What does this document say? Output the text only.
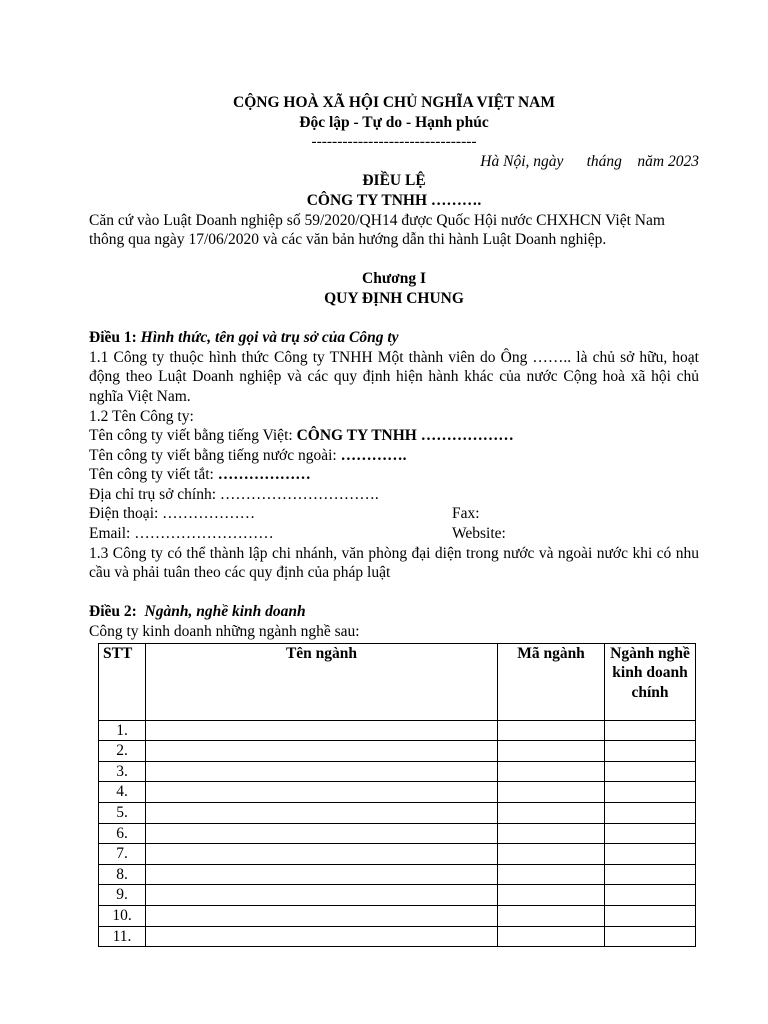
CỘNG HOÀ XÃ HỘI CHỦ NGHĨA VIỆT NAM
Độc lập - Tự do - Hạnh phúc
--------------------------------
Hà Nội, ngày      tháng    năm 2023
ĐIỀU LỆ
CÔNG TY TNHH ……….
Căn cứ vào Luật Doanh nghiệp số 59/2020/QH14 được Quốc Hội nước CHXHCN Việt Nam thông qua ngày 17/06/2020 và các văn bản hướng dẫn thi hành Luật Doanh nghiệp.
Chương I
QUY ĐỊNH CHUNG
Điều 1: Hình thức, tên gọi và trụ sở của Công ty
1.1 Công ty thuộc hình thức Công ty TNHH Một thành viên do Ông …….. là chủ sở hữu, hoạt động theo Luật Doanh nghiệp và các quy định hiện hành khác của nước Cộng hoà xã hội chủ nghĩa Việt Nam.
1.2 Tên Công ty:
Tên công ty viết bằng tiếng Việt: CÔNG TY TNHH ………………
Tên công ty viết bằng tiếng nước ngoài: ………….
Tên công ty viết tắt: ………………
Địa chỉ trụ sở chính: ………………………….
Điện thoại: ………………	Fax:
Email: ………………………	Website:
1.3 Công ty có thể thành lập chi nhánh, văn phòng đại diện trong nước và ngoài nước khi có nhu cầu và phải tuân theo các quy định của pháp luật
Điều 2: Ngành, nghề kinh doanh
Công ty kinh doanh những ngành nghề sau:
STT	Tên ngành	Mã ngành	Ngành nghề kinh doanh chính
1.			
2.			
3.			
4.			
5.			
6.			
7.			
8.			
9.			
10.			
11.			
